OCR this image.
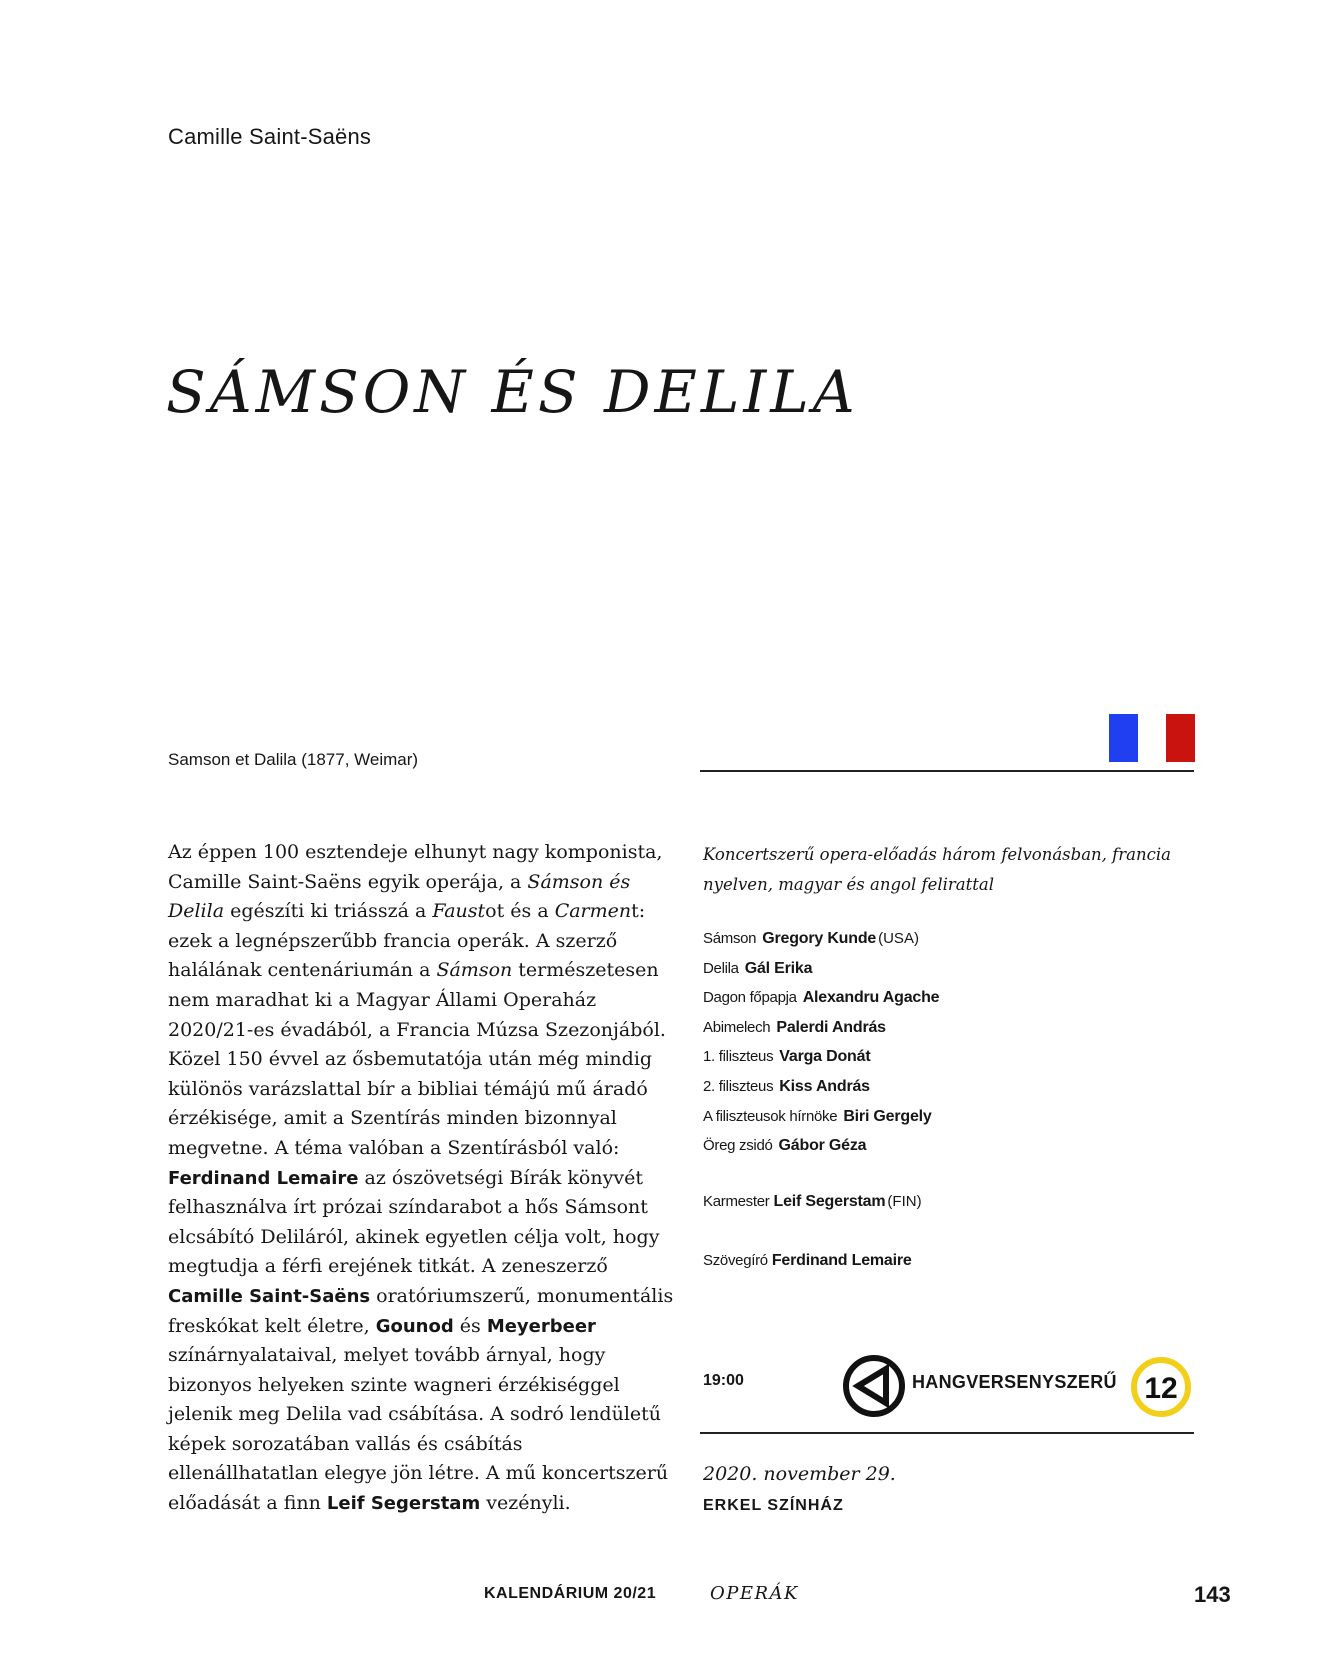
Camille Saint-Saëns
SÁMSON ÉS DELILA
Samson et Dalila (1877, Weimar)
Az éppen 100 esztendeje elhunyt nagy komponista, Camille Saint-Saëns egyik operája, a Sámson és Delila egészíti ki triásszá a Faustot és a Carment: ezek a legnépszerűbb francia operák. A szerző halálának centenáriumán a Sámson természetesen nem maradhat ki a Magyar Állami Operaház 2020/21-es évadából, a Francia Múzsa Szezonjából. Közel 150 évvel az ősbemutatója után még mindig különös varázslattal bír a bibliai témájú mű áradó érzékisége, amit a Szentírás minden bizonnyal megvetne. A téma valóban a Szentírásból való: Ferdinand Lemaire az ószövetségi Bírák könyvét felhasználva írt prózai színdarabot a hős Sámsont elcsábító Deliláról, akinek egyetlen célja volt, hogy megtudja a férfi erejének titkát. A zeneszerző Camille Saint-Saëns oratóriumszerű, monumentális freskókat kelt életre, Gounod és Meyerbeer színárnyalataival, melyet tovább árnyal, hogy bizonyos helyeken szinte wagneri érzékiséggel jelenik meg Delila vad csábítása. A sodró lendületű képek sorozatában vallás és csábítás ellenállhatatlan elegye jön létre. A mű koncertszerű előadását a finn Leif Segerstam vezényli.
Koncertszerű opera-előadás három felvonásban, francia nyelven, magyar és angol felirattal
Sámson Gregory Kunde (USA)
Delila Gál Erika
Dagon főpapja Alexandru Agache
Abimelech Palerdi András
1. filiszteus Varga Donát
2. filiszteus Kiss András
A filiszteusok hírnöke Biri Gergely
Öreg zsidó Gábor Géza
Karmester Leif Segerstam (FIN)
Szövegíró Ferdinand Lemaire
19:00	HANGVERSENYSZERŰ 12
2020. november 29.
ERKEL SZÍNHÁZ
KALENDÁRIUM 20/21	OPERÁK	143
